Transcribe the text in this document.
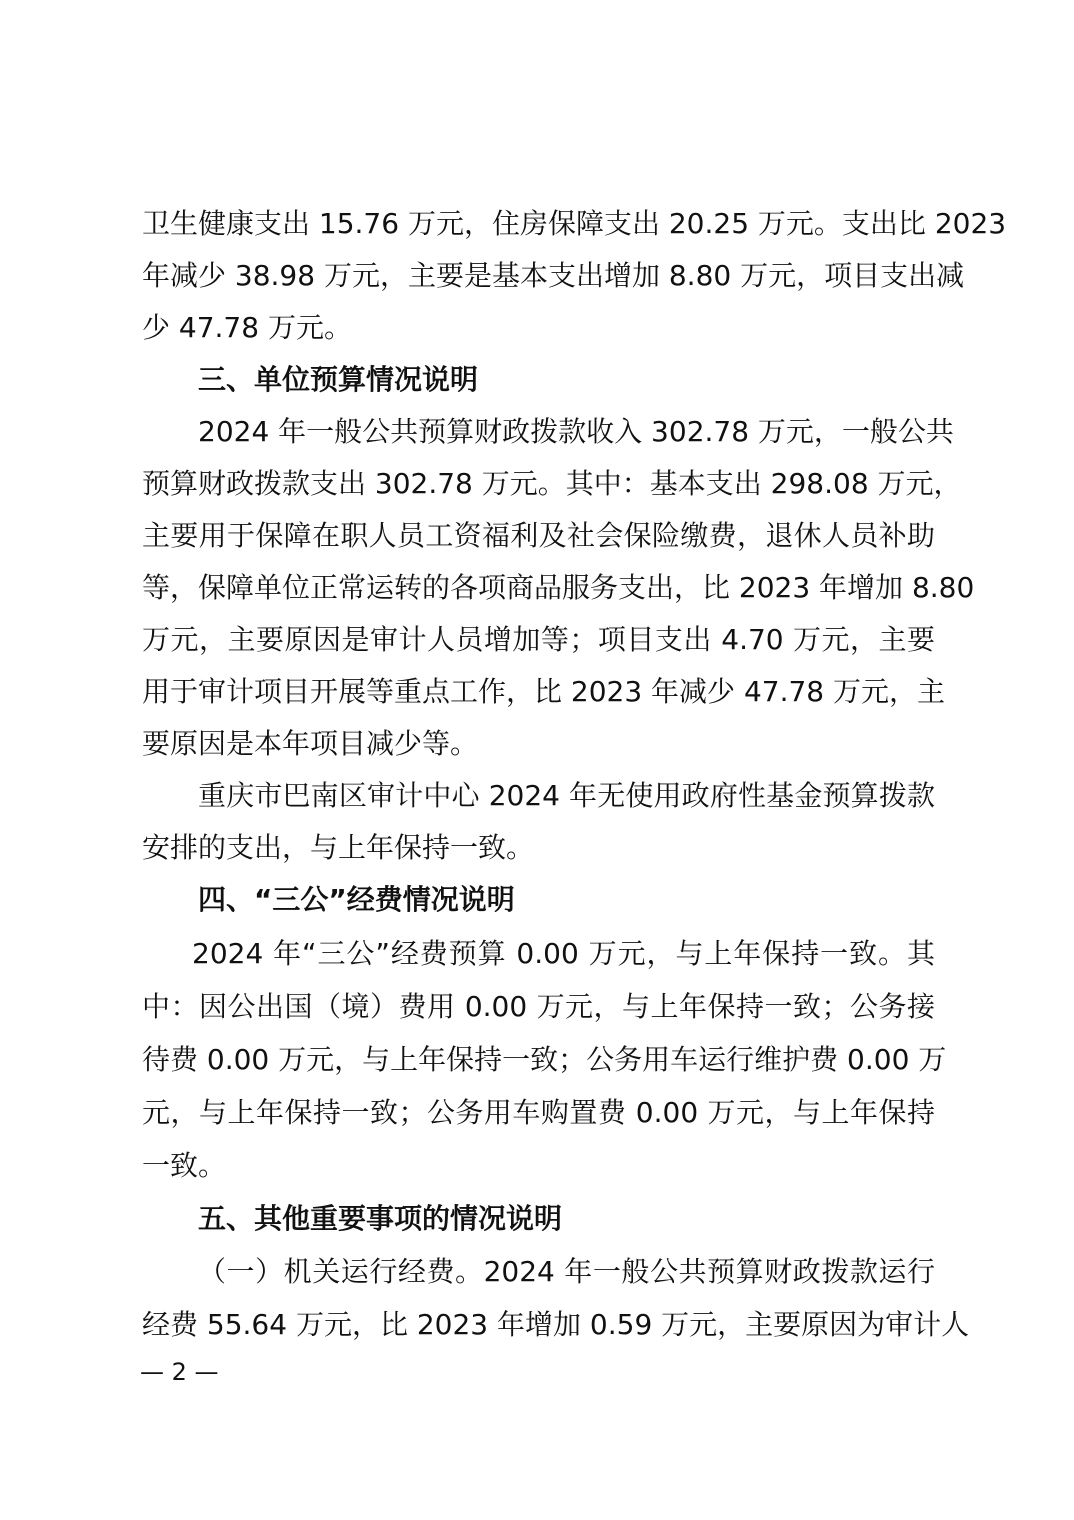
卫生健康支出 15.76 万元，住房保障支出 20.25 万元。支出比 2023
年减少 38.98 万元，主要是基本支出增加 8.80 万元，项目支出减
少 47.78 万元。
三、单位预算情况说明
2024 年一般公共预算财政拨款收入 302.78 万元，一般公共
预算财政拨款支出 302.78 万元。其中：基本支出 298.08 万元，
主要用于保障在职人员工资福利及社会保险缴费，退休人员补助
等，保障单位正常运转的各项商品服务支出，比 2023 年增加 8.80
万元，主要原因是审计人员增加等；项目支出 4.70 万元，主要
用于审计项目开展等重点工作，比 2023 年减少 47.78 万元，主
要原因是本年项目减少等。
重庆市巴南区审计中心 2024 年无使用政府性基金预算拨款
安排的支出，与上年保持一致。
四、“三公”经费情况说明
2024 年“三公”经费预算 0.00 万元，与上年保持一致。其
中：因公出国（境）费用 0.00 万元，与上年保持一致；公务接
待费 0.00 万元，与上年保持一致；公务用车运行维护费 0.00 万
元，与上年保持一致；公务用车购置费 0.00 万元，与上年保持
一致。
五、其他重要事项的情况说明
（一）机关运行经费。2024 年一般公共预算财政拨款运行
经费 55.64 万元，比 2023 年增加 0.59 万元，主要原因为审计人
— 2 —
